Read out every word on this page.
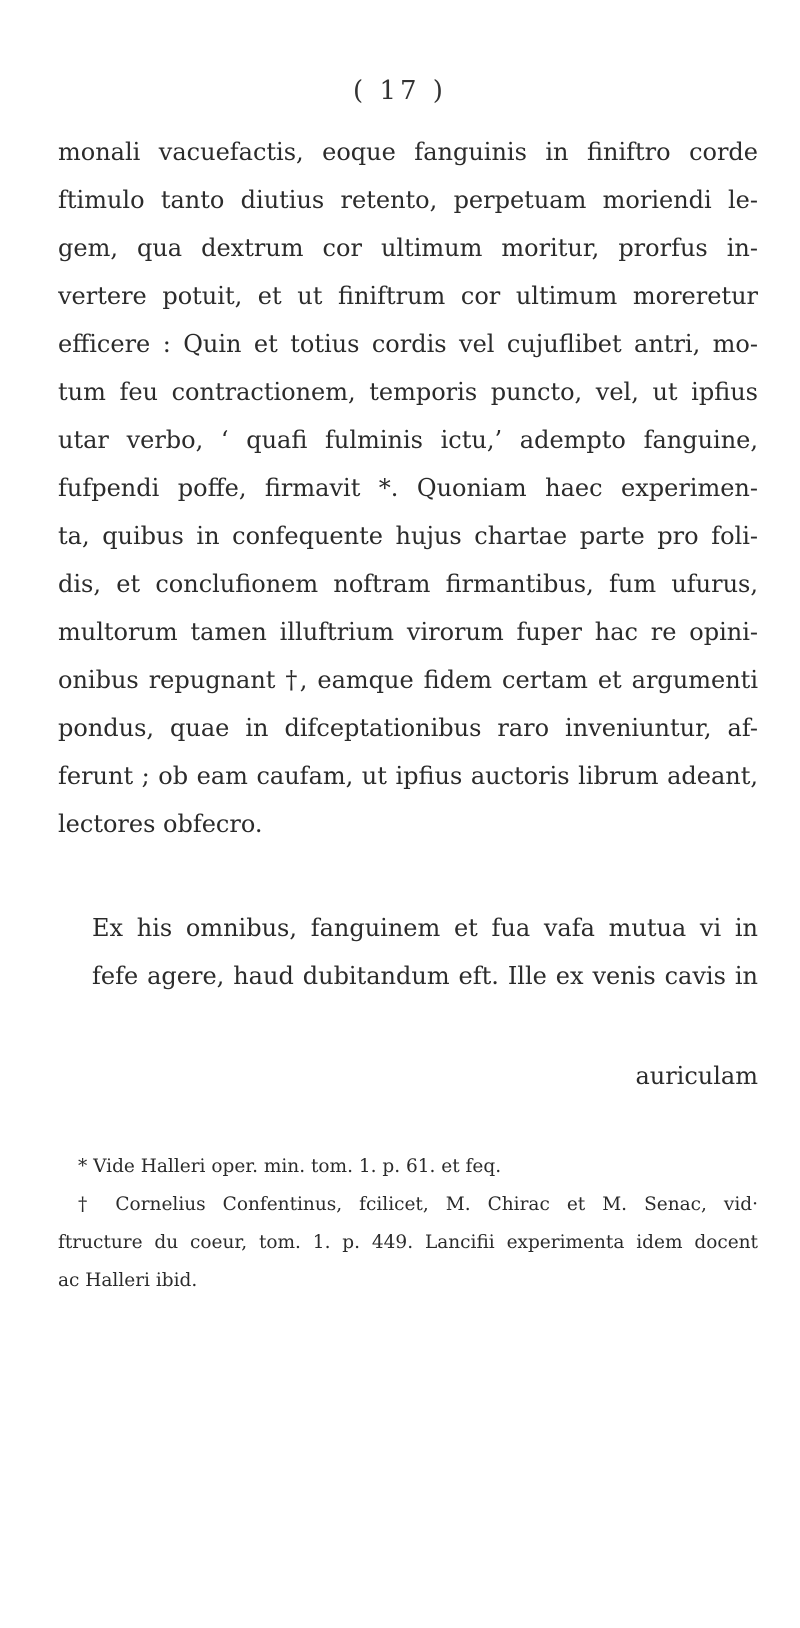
( 17 )
monali vacuefactis, eoque fanguinis in finiftro corde
ftimulo tanto diutius retento, perpetuam moriendi le-
gem, qua dextrum cor ultimum moritur, prorfus in-
vertere potuit, et ut finiftrum cor ultimum moreretur
efficere : Quin et totius cordis vel cujuflibet antri, mo-
tum feu contractionem, temporis puncto, vel, ut ipfius
utar verbo, ‘ quafi fulminis ictu,’ adempto fanguine,
fufpendi poffe, firmavit *. Quoniam haec experimen-
ta, quibus in confequente hujus chartae parte pro foli-
dis, et conclufionem noftram firmantibus, fum ufurus,
multorum tamen illuftrium virorum fuper hac re opini-
onibus repugnant †, eamque fidem certam et argumenti
pondus, quae in difceptationibus raro inveniuntur, af-
ferunt ; ob eam caufam, ut ipfius auctoris librum adeant,
lectores obfecro.
Ex his omnibus, fanguinem et fua vafa mutua vi in
fefe agere, haud dubitandum eft. Ille ex venis cavis in
auriculam
* Vide Halleri oper. min. tom. 1. p. 61. et feq.
† Cornelius Confentinus, fcilicet, M. Chirac et M. Senac, vid·
ftructure du coeur, tom. 1. p. 449. Lancifii experimenta idem docent
ac Halleri ibid.
